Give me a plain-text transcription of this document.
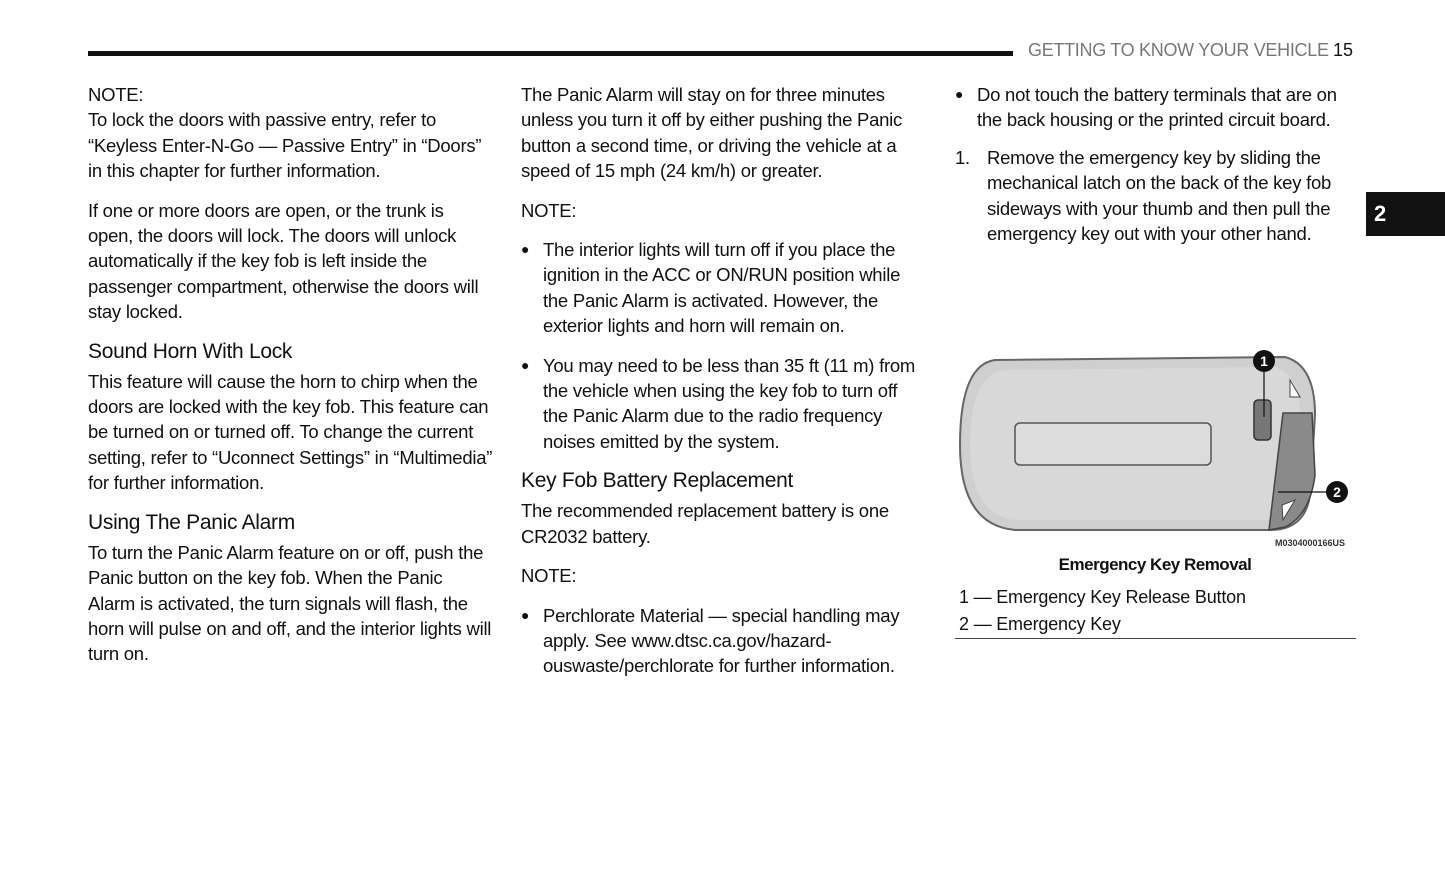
GETTING TO KNOW YOUR VEHICLE 15
2

NOTE:

To lock the doors with passive entry, refer to “Keyless Enter-N-Go — Passive Entry” in “Doors” in this chapter for further information.

If one or more doors are open, or the trunk is open, the doors will lock. The doors will unlock automatically if the key fob is left inside the passenger compartment, otherwise the doors will stay locked.

Sound Horn With Lock

This feature will cause the horn to chirp when the doors are locked with the key fob. This feature can be turned on or turned off. To change the current setting, refer to “Uconnect Settings” in “Multimedia” for further information.

Using The Panic Alarm

To turn the Panic Alarm feature on or off, push the Panic button on the key fob. When the Panic Alarm is activated, the turn signals will flash, the horn will pulse on and off, and the interior lights will turn on.

The Panic Alarm will stay on for three minutes unless you turn it off by either pushing the Panic button a second time, or driving the vehicle at a speed of 15 mph (24 km/h) or greater.

NOTE:

● The interior lights will turn off if you place the ignition in the ACC or ON/RUN position while the Panic Alarm is activated. However, the exterior lights and horn will remain on.
● You may need to be less than 35 ft (11 m) from the vehicle when using the key fob to turn off the Panic Alarm due to the radio frequency noises emitted by the system.
Key Fob Battery Replacement

The recommended replacement battery is one CR2032 battery.

NOTE:

● Perchlorate Material — special handling may apply. See www.dtsc.ca.gov/hazard-ouswaste/perchlorate for further information.
● Do not touch the battery terminals that are on the back housing or the printed circuit board.
1. Remove the emergency key by sliding the mechanical latch on the back of the key fob sideways with your thumb and then pull the emergency key out with your other hand.
1
2
M0304000166US
Emergency Key Removal
1 — Emergency Key Release Button
2 — Emergency Key
